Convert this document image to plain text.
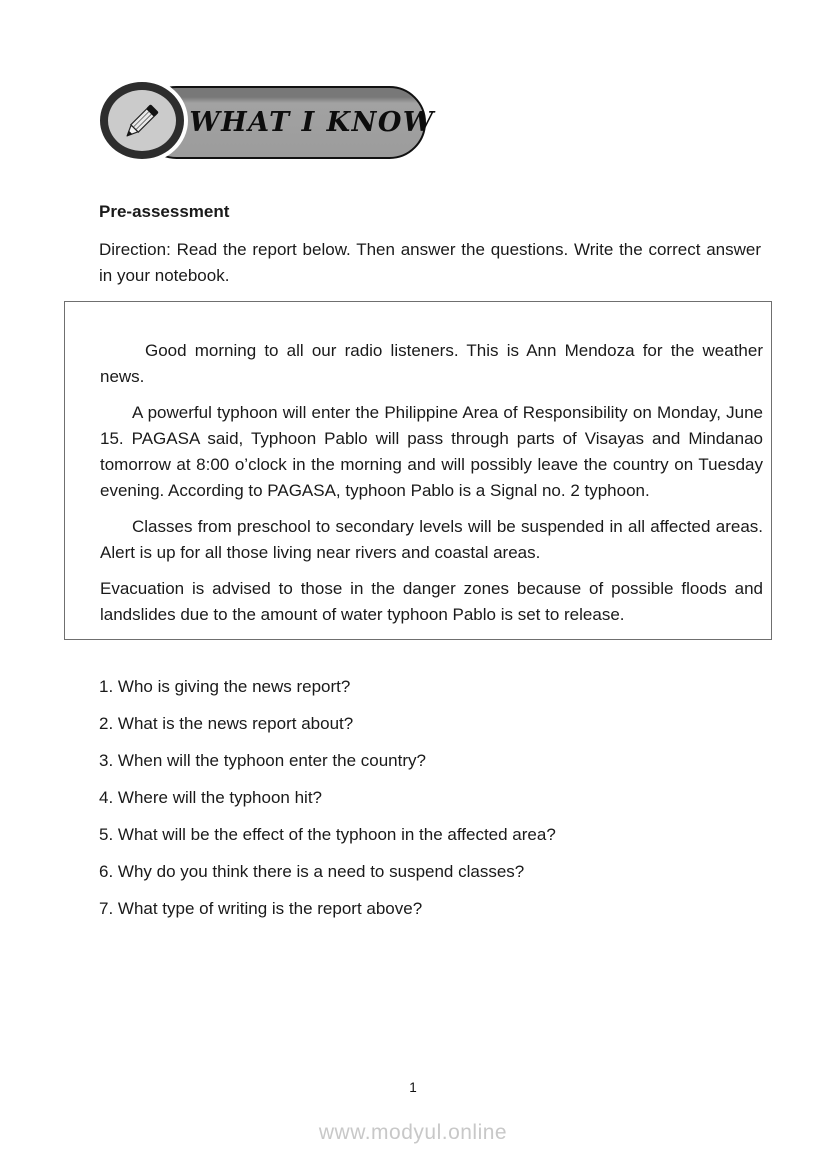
WHAT I KNOW

Pre-assessment

Direction: Read the report below. Then answer the questions. Write the correct answer in your notebook.

Good morning to all our radio listeners. This is Ann Mendoza for the weather news.

A powerful typhoon will enter the Philippine Area of Responsibility on Monday, June 15. PAGASA said, Typhoon Pablo will pass through parts of Visayas and Mindanao tomorrow at 8:00 o’clock in the morning and will possibly leave the country on Tuesday evening. According to PAGASA, typhoon Pablo is a Signal no. 2 typhoon.

Classes from preschool to secondary levels will be suspended in all affected areas. Alert is up for all those living near rivers and coastal areas.

Evacuation is advised to those in the danger zones because of possible floods and landslides due to the amount of water typhoon Pablo is set to release.

1. Who is giving the news report?

2. What is the news report about?

3. When will the typhoon enter the country?

4. Where will the typhoon hit?

5. What will be the effect of the typhoon in the affected area?

6. Why do you think there is a need to suspend classes?

7. What type of writing is the report above?

1
www.modyul.online
